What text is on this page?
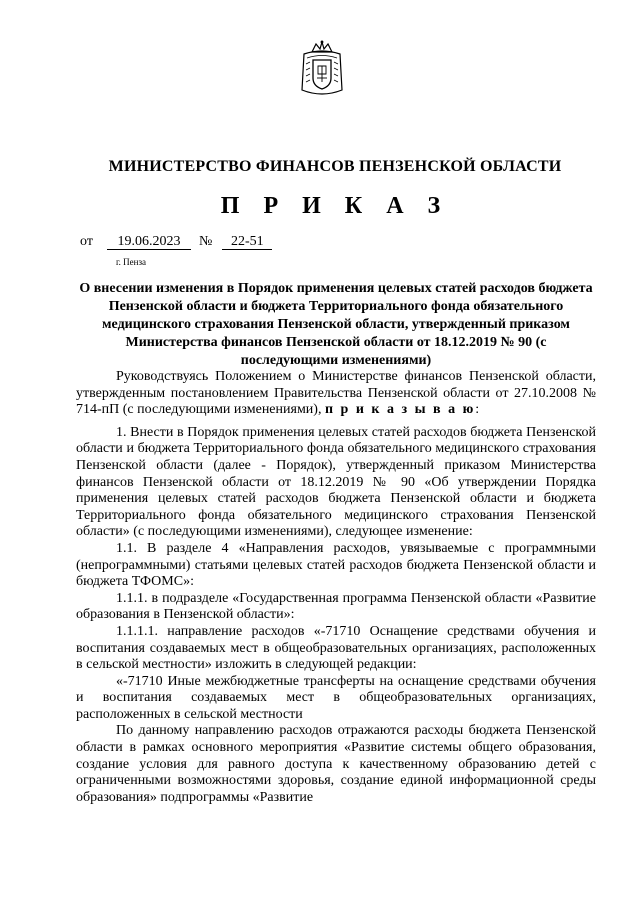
МИНИСТЕРСТВО ФИНАНСОВ ПЕНЗЕНСКОЙ ОБЛАСТИ
П Р И К А З
от	19.06.2023	№	22-51
г. Пенза
О внесении изменения в Порядок применения целевых статей расходов бюджета Пензенской области и бюджета Территориального фонда обязательного медицинского страхования Пензенской области, утвержденный приказом Министерства финансов Пензенской области от 18.12.2019 № 90 (с последующими изменениями)

Руководствуясь Положением о Министерстве финансов Пензенской области, утвержденным постановлением Правительства Пензенской области от 27.10.2008 № 714-пП (с последующими изменениями), п р и к а з ы в а ю:

1. Внести в Порядок применения целевых статей расходов бюджета Пензенской области и бюджета Территориального фонда обязательного медицинского страхования Пензенской области (далее - Порядок), утвержденный приказом Министерства финансов Пензенской области от 18.12.2019 № 90 «Об утверждении Порядка применения целевых статей расходов бюджета Пензенской области и бюджета Территориального фонда обязательного медицинского страхования Пензенской области» (с последующими изменениями), следующее изменение:

1.1. В разделе 4 «Направления расходов, увязываемые с программными (непрограммными) статьями целевых статей расходов бюджета Пензенской области и бюджета ТФОМС»:

1.1.1. в подразделе «Государственная программа Пензенской области «Развитие образования в Пензенской области»:

1.1.1.1. направление расходов «-71710 Оснащение средствами обучения и воспитания создаваемых мест в общеобразовательных организациях, расположенных в сельской местности» изложить в следующей редакции:

«-71710 Иные межбюджетные трансферты на оснащение средствами обучения и воспитания создаваемых мест в общеобразовательных организациях, расположенных в сельской местности

По данному направлению расходов отражаются расходы бюджета Пензенской области в рамках основного мероприятия «Развитие системы общего образования, создание условия для равного доступа к качественному образованию детей с ограниченными возможностями здоровья, создание единой информационной среды образования» подпрограммы «Развитие
